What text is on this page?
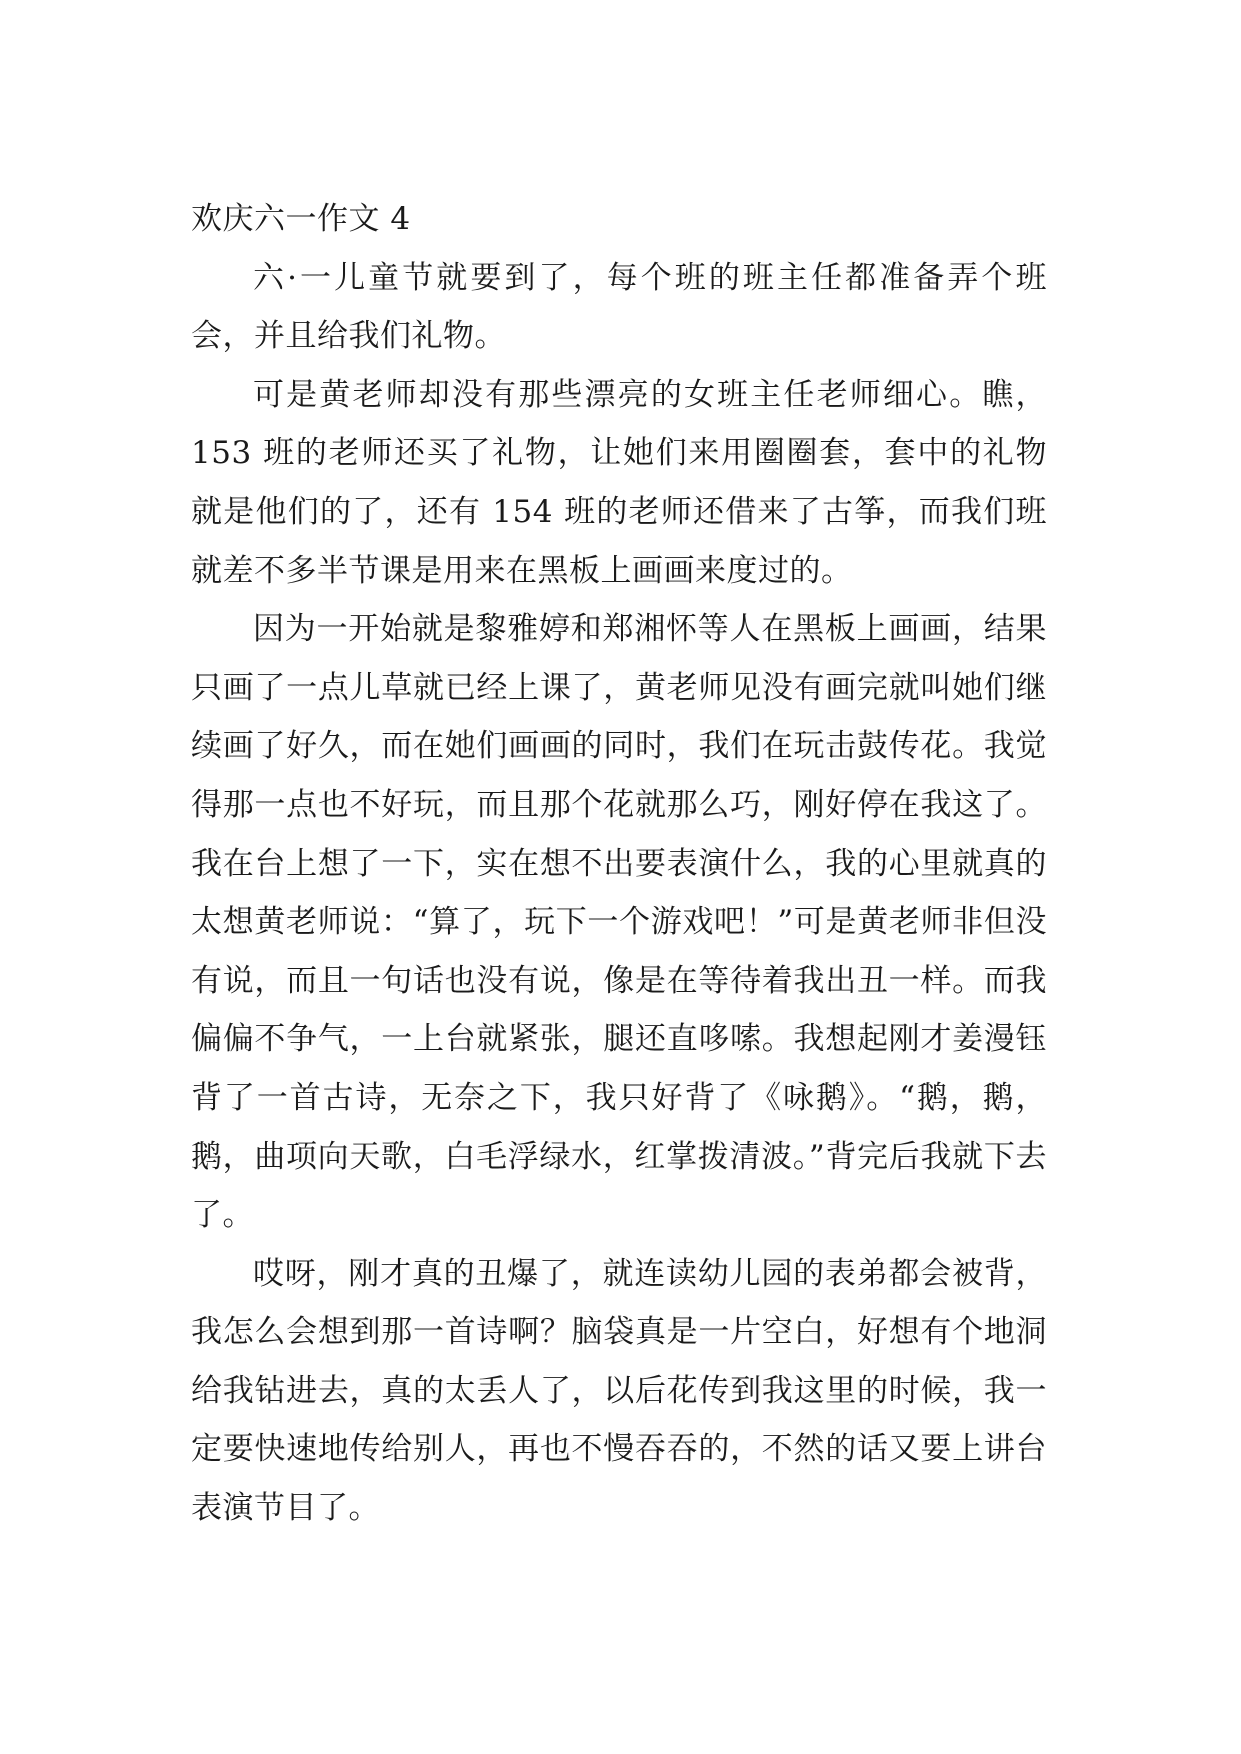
欢庆六一作文 4

六·一儿童节就要到了，每个班的班主任都准备弄个班会，并且给我们礼物。

可是黄老师却没有那些漂亮的女班主任老师细心。瞧，153 班的老师还买了礼物，让她们来用圈圈套，套中的礼物就是他们的了，还有 154 班的老师还借来了古筝，而我们班就差不多半节课是用来在黑板上画画来度过的。

因为一开始就是黎雅婷和郑湘怀等人在黑板上画画，结果只画了一点儿草就已经上课了，黄老师见没有画完就叫她们继续画了好久，而在她们画画的同时，我们在玩击鼓传花。我觉得那一点也不好玩，而且那个花就那么巧，刚好停在我这了。我在台上想了一下，实在想不出要表演什么，我的心里就真的太想黄老师说：“算了，玩下一个游戏吧！”可是黄老师非但没有说，而且一句话也没有说，像是在等待着我出丑一样。而我偏偏不争气，一上台就紧张，腿还直哆嗦。我想起刚才姜漫钰背了一首古诗，无奈之下，我只好背了《咏鹅》。“鹅，鹅，鹅，曲项向天歌，白毛浮绿水，红掌拨清波。”背完后我就下去了。

哎呀，刚才真的丑爆了，就连读幼儿园的表弟都会被背，我怎么会想到那一首诗啊？脑袋真是一片空白，好想有个地洞给我钻进去，真的太丢人了，以后花传到我这里的时候，我一定要快速地传给别人，再也不慢吞吞的，不然的话又要上讲台表演节目了。
